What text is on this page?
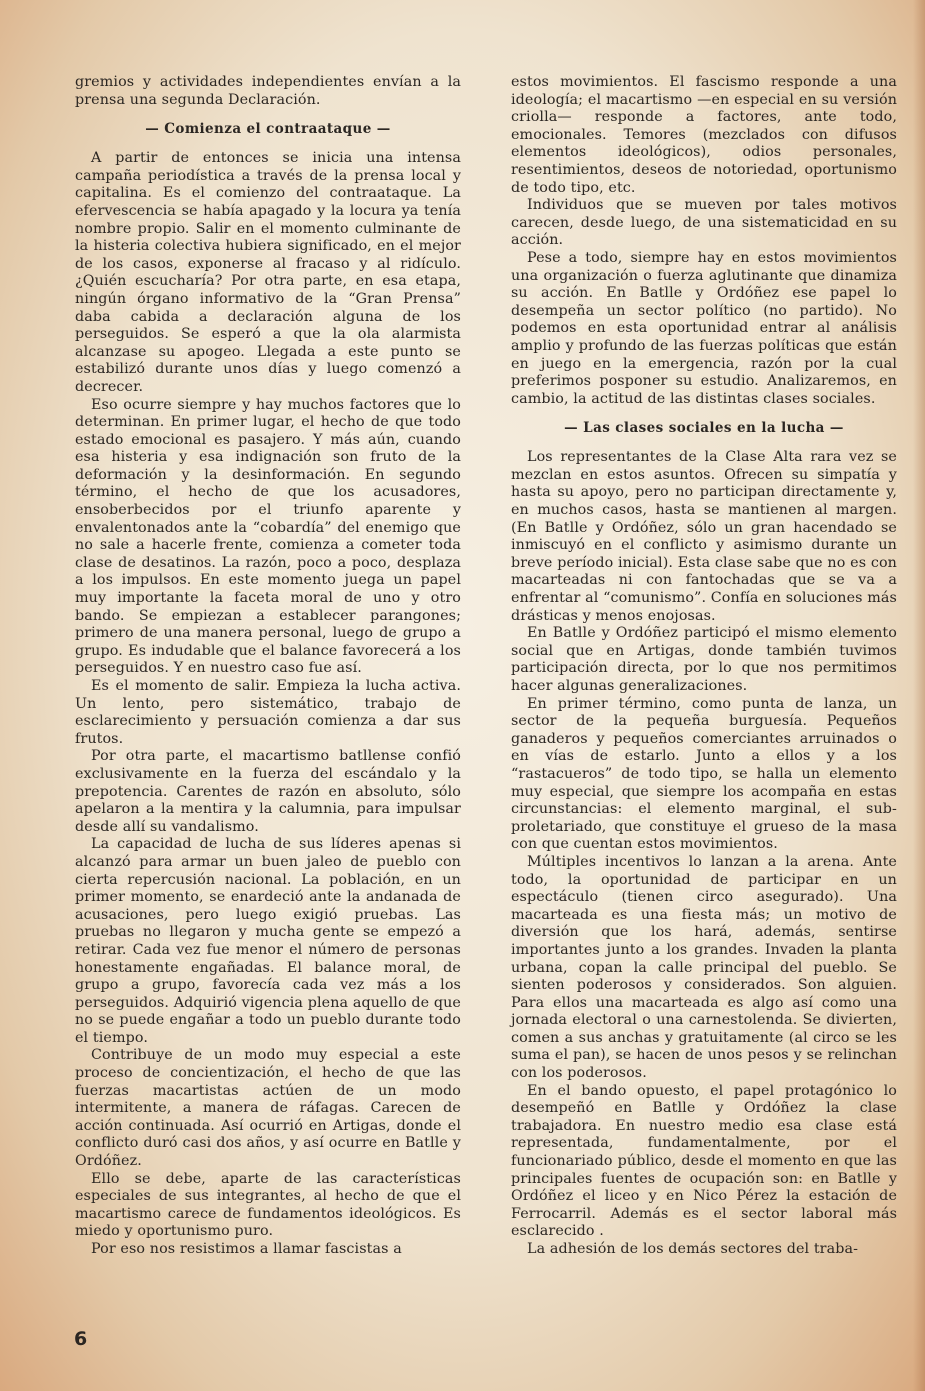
gremios y actividades independientes envían a la prensa una segunda Declaración.

— Comienza el contraataque —

A partir de entonces se inicia una intensa campaña periodística a través de la prensa local y capitalina. Es el comienzo del contraataque. La efervescencia se había apagado y la locura ya tenía nombre propio. Salir en el momento culminante de la histeria colectiva hubiera significado, en el mejor de los casos, exponerse al fracaso y al ridículo. ¿Quién escucharía? Por otra parte, en esa etapa, ningún órgano informativo de la “Gran Prensa” daba cabida a declaración alguna de los perseguidos. Se esperó a que la ola alarmista alcanzase su apogeo. Llegada a este punto se estabilizó durante unos días y luego comenzó a decrecer.

Eso ocurre siempre y hay muchos factores que lo determinan. En primer lugar, el hecho de que todo estado emocional es pasajero. Y más aún, cuando esa histeria y esa indignación son fruto de la deformación y la desinformación. En segundo término, el hecho de que los acusadores, ensoberbecidos por el triunfo aparente y envalentonados ante la “cobardía” del enemigo que no sale a hacerle frente, comienza a cometer toda clase de desatinos. La razón, poco a poco, desplaza a los impulsos. En este momento juega un papel muy importante la faceta moral de uno y otro bando. Se empiezan a establecer parangones; primero de una manera personal, luego de grupo a grupo. Es indudable que el balance favorecerá a los perseguidos. Y en nuestro caso fue así.

Es el momento de salir. Empieza la lucha activa. Un lento, pero sistemático, trabajo de esclarecimiento y persuación comienza a dar sus frutos.

Por otra parte, el macartismo batllense confió exclusivamente en la fuerza del escándalo y la prepotencia. Carentes de razón en absoluto, sólo apelaron a la mentira y la calumnia, para impulsar desde allí su vandalismo.

La capacidad de lucha de sus líderes apenas si alcanzó para armar un buen jaleo de pueblo con cierta repercusión nacional. La población, en un primer momento, se enardeció ante la andanada de acusaciones, pero luego exigió pruebas. Las pruebas no llegaron y mucha gente se empezó a retirar. Cada vez fue menor el número de personas honestamente engañadas. El balance moral, de grupo a grupo, favorecía cada vez más a los perseguidos. Adquirió vigencia plena aquello de que no se puede engañar a todo un pueblo durante todo el tiempo.

Contribuye de un modo muy especial a este proceso de concientización, el hecho de que las fuerzas macartistas actúen de un modo intermitente, a manera de ráfagas. Carecen de acción continuada. Así ocurrió en Artigas, donde el conflicto duró casi dos años, y así ocurre en Batlle y Ordóñez.

Ello se debe, aparte de las características especiales de sus integrantes, al hecho de que el macartismo carece de fundamentos ideológicos. Es miedo y oportunismo puro.

Por eso nos resistimos a llamar fascistas a

estos movimientos. El fascismo responde a una ideología; el macartismo —en especial en su versión criolla— responde a factores, ante todo, emocionales. Temores (mezclados con difusos elementos ideológicos), odios personales, resentimientos, deseos de notoriedad, oportunismo de todo tipo, etc.

Individuos que se mueven por tales motivos carecen, desde luego, de una sistematicidad en su acción.

Pese a todo, siempre hay en estos movimientos una organización o fuerza aglutinante que dinamiza su acción. En Batlle y Ordóñez ese papel lo desempeña un sector político (no partido). No podemos en esta oportunidad entrar al análisis amplio y profundo de las fuerzas políticas que están en juego en la emergencia, razón por la cual preferimos posponer su estudio. Analizaremos, en cambio, la actitud de las distintas clases sociales.

— Las clases sociales en la lucha —

Los representantes de la Clase Alta rara vez se mezclan en estos asuntos. Ofrecen su simpatía y hasta su apoyo, pero no participan directamente y, en muchos casos, hasta se mantienen al margen. (En Batlle y Ordóñez, sólo un gran hacendado se inmiscuyó en el conflicto y asimismo durante un breve período inicial). Esta clase sabe que no es con macarteadas ni con fantochadas que se va a enfrentar al “comunismo”. Confía en soluciones más drásticas y menos enojosas.

En Batlle y Ordóñez participó el mismo elemento social que en Artigas, donde también tuvimos participación directa, por lo que nos permitimos hacer algunas generalizaciones.

En primer término, como punta de lanza, un sector de la pequeña burguesía. Pequeños ganaderos y pequeños comerciantes arruinados o en vías de estarlo. Junto a ellos y a los “rastacueros” de todo tipo, se halla un elemento muy especial, que siempre los acompaña en estas circunstancias: el elemento marginal, el sub-proletariado, que constituye el grueso de la masa con que cuentan estos movimientos.

Múltiples incentivos lo lanzan a la arena. Ante todo, la oportunidad de participar en un espectáculo (tienen circo asegurado). Una macarteada es una fiesta más; un motivo de diversión que los hará, además, sentirse importantes junto a los grandes. Invaden la planta urbana, copan la calle principal del pueblo. Se sienten poderosos y considerados. Son alguien. Para ellos una macarteada es algo así como una jornada electoral o una carnestolenda. Se divierten, comen a sus anchas y gratuitamente (al circo se les suma el pan), se hacen de unos pesos y se relinchan con los poderosos.

En el bando opuesto, el papel protagónico lo desempeñó en Batlle y Ordóñez la clase trabajadora. En nuestro medio esa clase está representada, fundamentalmente, por el funcionariado público, desde el momento en que las principales fuentes de ocupación son: en Batlle y Ordóñez el liceo y en Nico Pérez la estación de Ferrocarril. Además es el sector laboral más esclarecido .

La adhesión de los demás sectores del traba-

6
